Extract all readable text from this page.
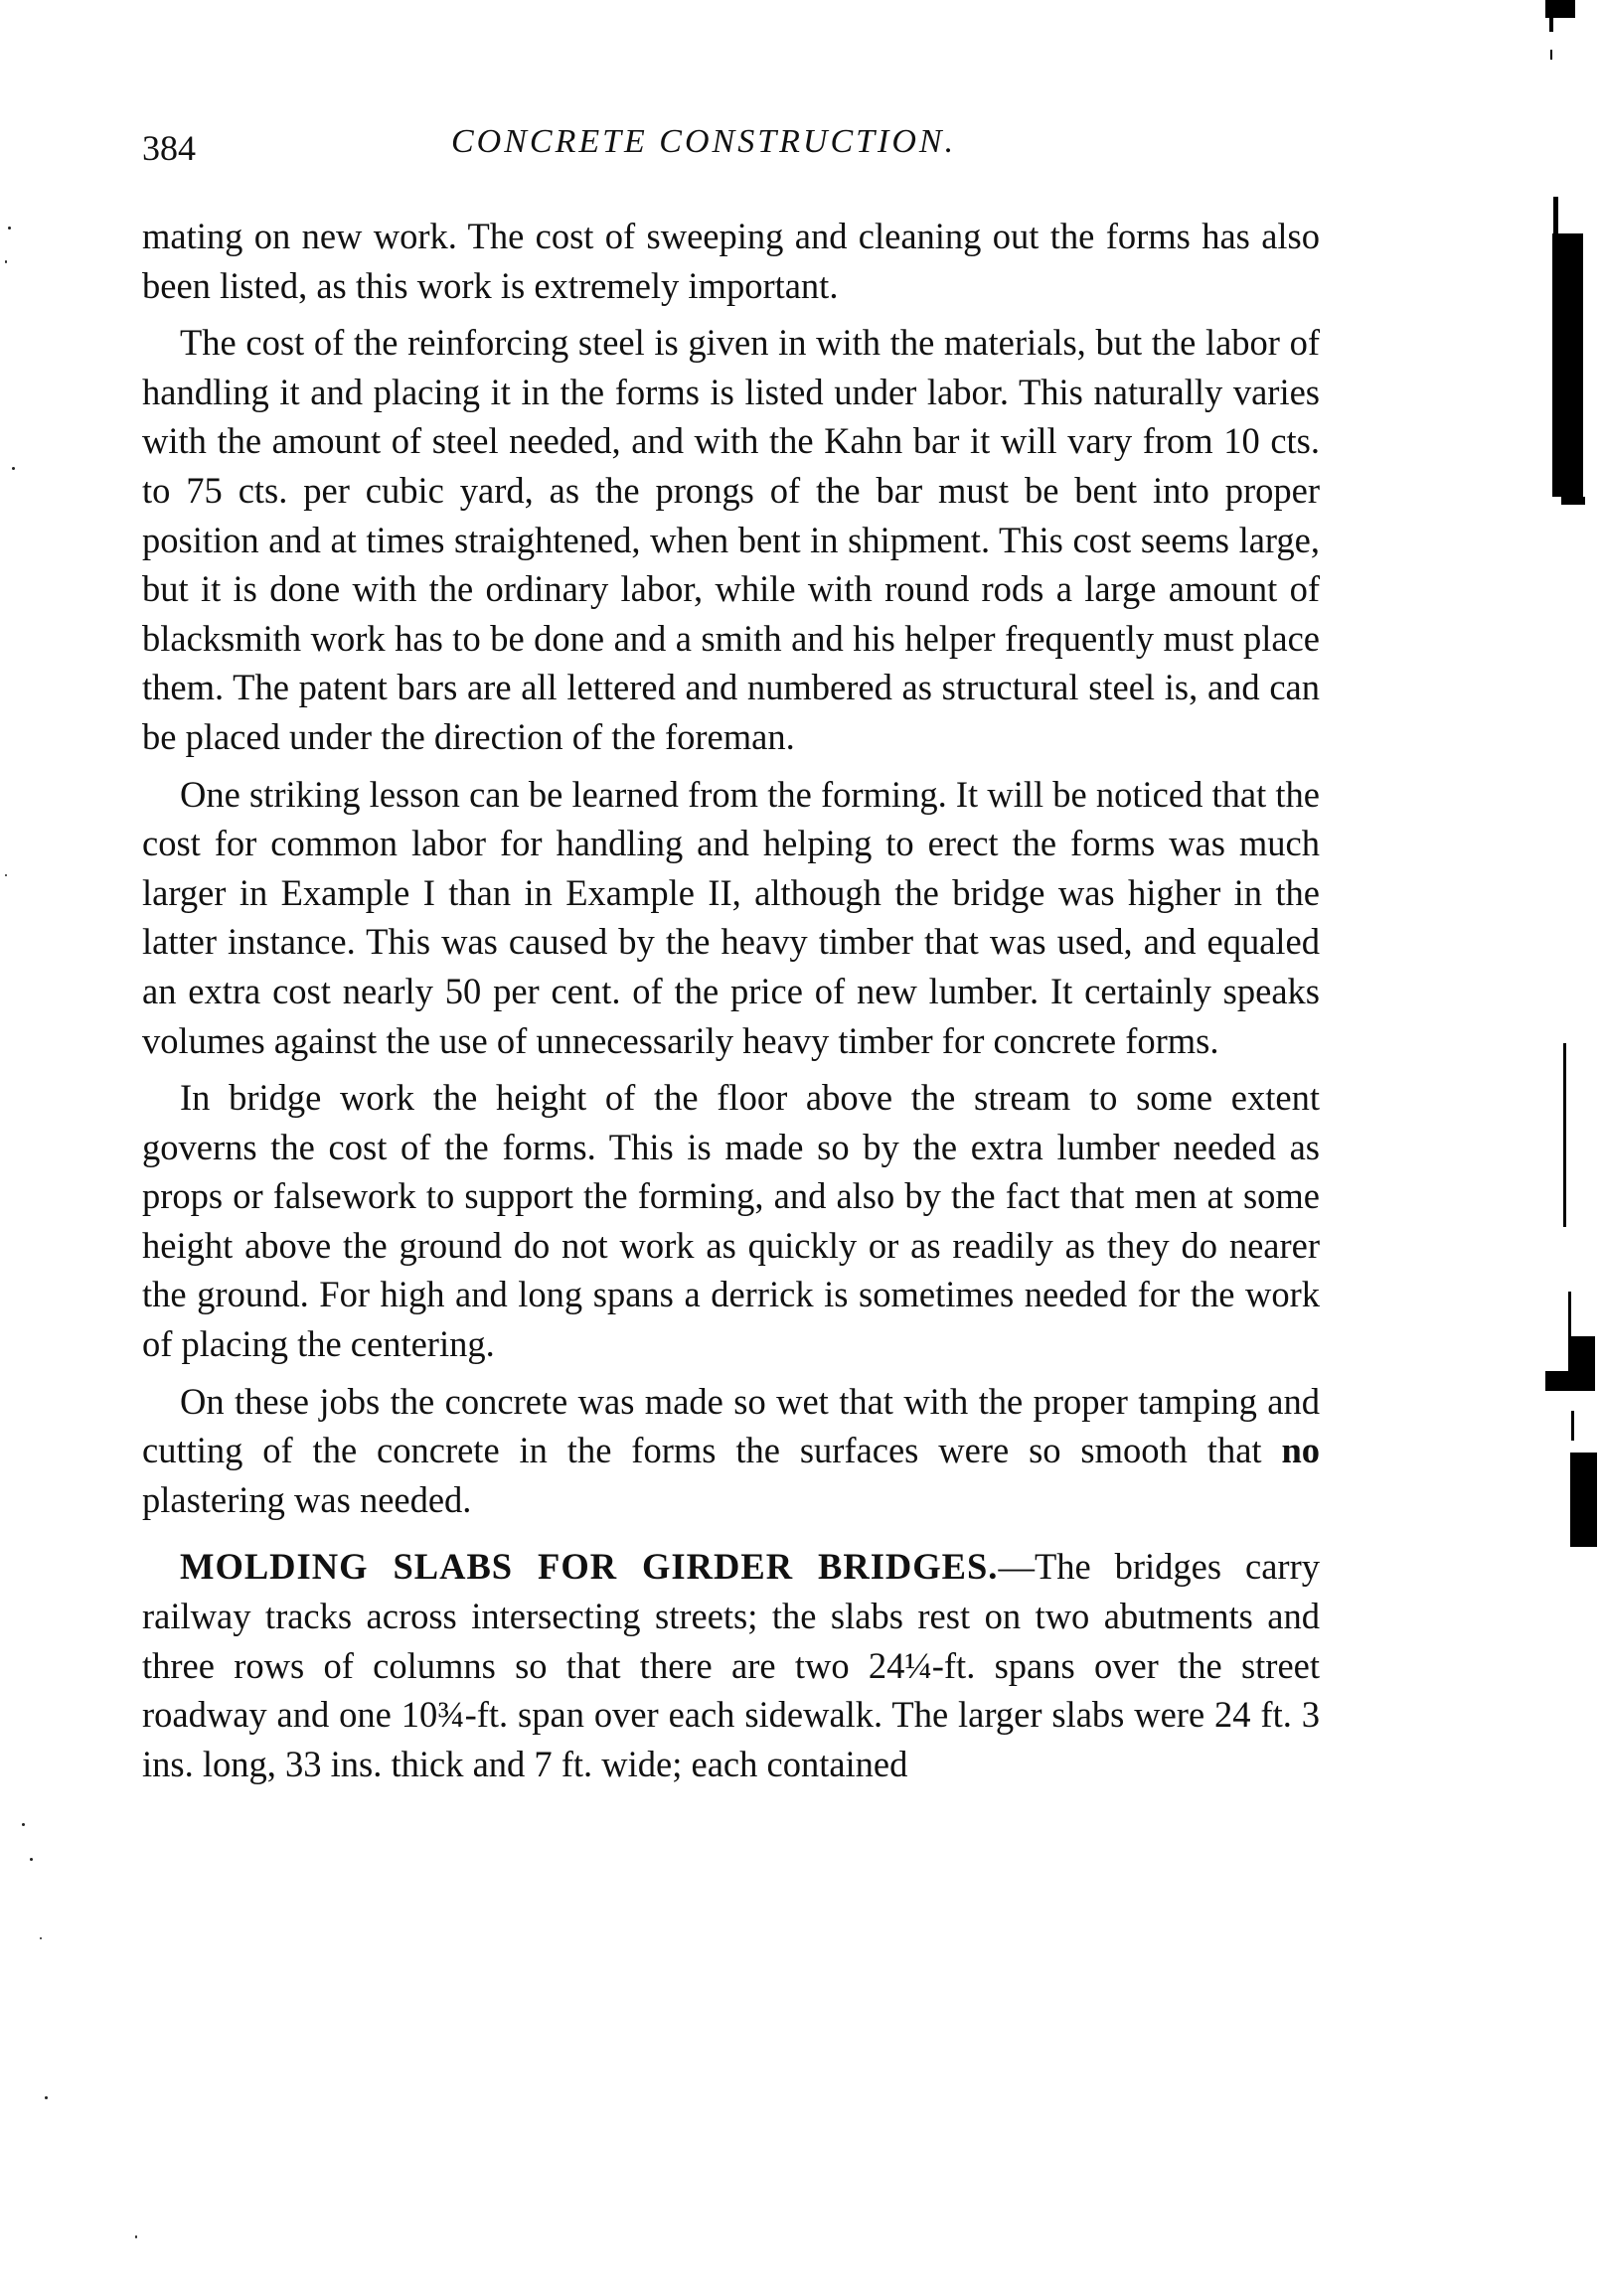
384	CONCRETE CONSTRUCTION.

mating on new work. The cost of sweeping and cleaning out the forms has also been listed, as this work is extremely important.

The cost of the reinforcing steel is given in with the materials, but the labor of handling it and placing it in the forms is listed under labor. This naturally varies with the amount of steel needed, and with the Kahn bar it will vary from 10 cts. to 75 cts. per cubic yard, as the prongs of the bar must be bent into proper position and at times straightened, when bent in shipment. This cost seems large, but it is done with the ordinary labor, while with round rods a large amount of blacksmith work has to be done and a smith and his helper frequently must place them. The patent bars are all lettered and numbered as structural steel is, and can be placed under the direction of the foreman.

One striking lesson can be learned from the forming. It will be noticed that the cost for common labor for handling and helping to erect the forms was much larger in Example I than in Example II, although the bridge was higher in the latter instance. This was caused by the heavy timber that was used, and equaled an extra cost nearly 50 per cent. of the price of new lumber. It certainly speaks volumes against the use of unnecessarily heavy timber for concrete forms.

In bridge work the height of the floor above the stream to some extent governs the cost of the forms. This is made so by the extra lumber needed as props or falsework to support the forming, and also by the fact that men at some height above the ground do not work as quickly or as readily as they do nearer the ground. For high and long spans a derrick is sometimes needed for the work of placing the centering.

On these jobs the concrete was made so wet that with the proper tamping and cutting of the concrete in the forms the surfaces were so smooth that no plastering was needed.

MOLDING SLABS FOR GIRDER BRIDGES.—The bridges carry railway tracks across intersecting streets; the slabs rest on two abutments and three rows of columns so that there are two 24¼-ft. spans over the street roadway and one 10¾-ft. span over each sidewalk. The larger slabs were 24 ft. 3 ins. long, 33 ins. thick and 7 ft. wide; each contained
